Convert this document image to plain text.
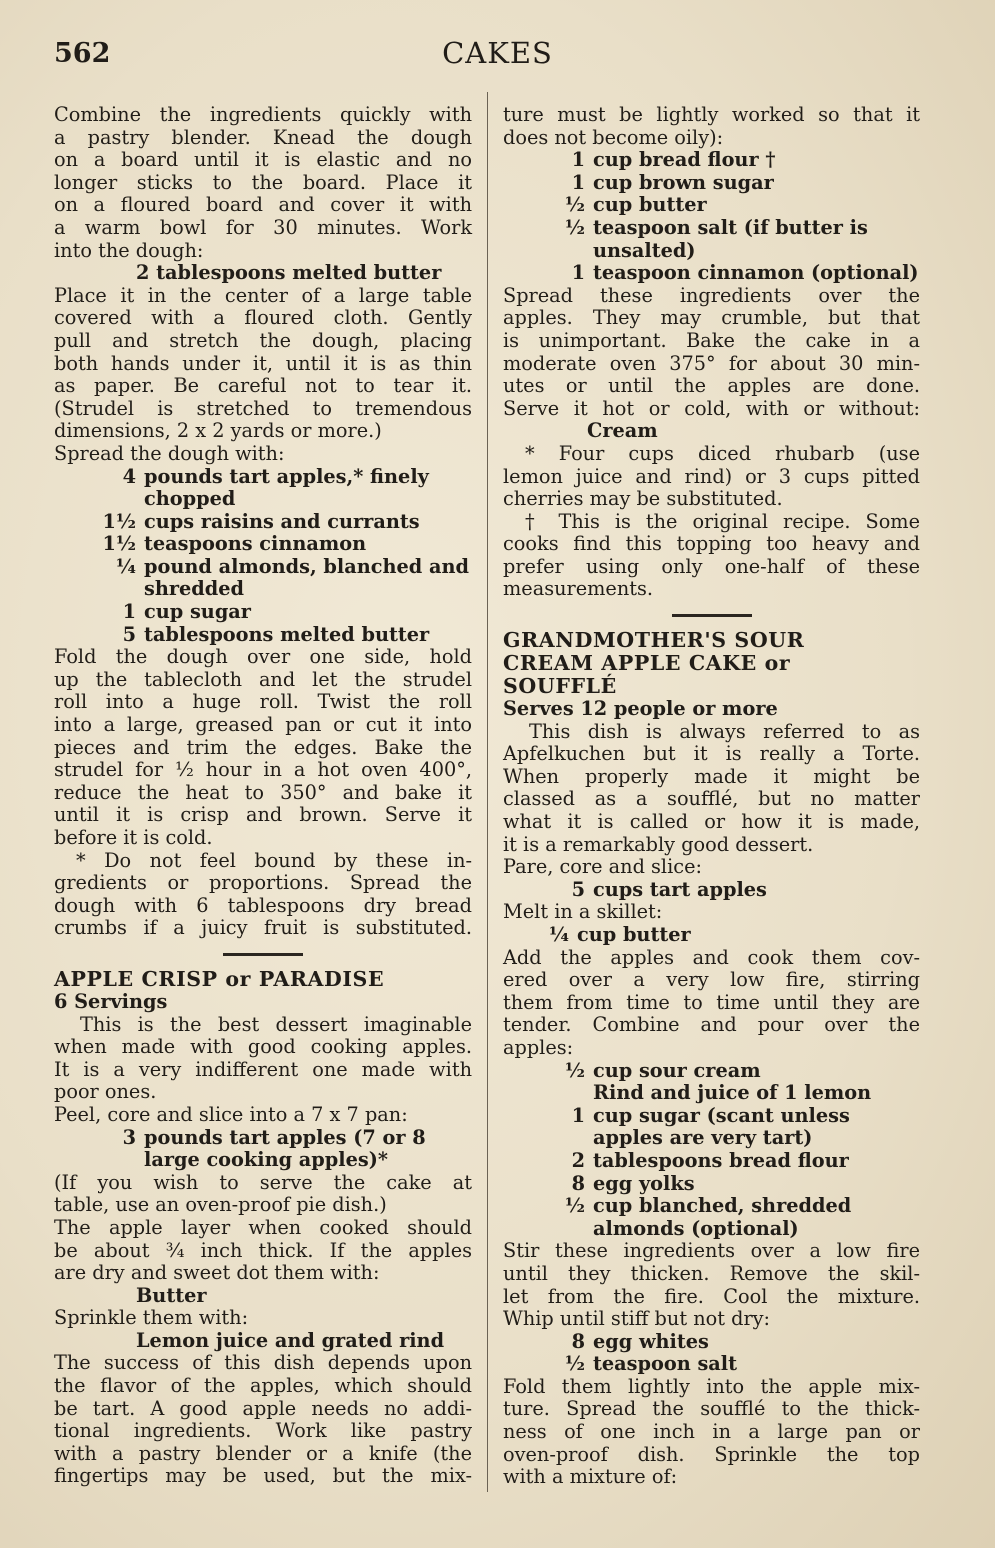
562	CAKES

Combine the ingredients quickly with

a pastry blender. Knead the dough

on a board until it is elastic and no

longer sticks to the board. Place it

on a floured board and cover it with

a warm bowl for 30 minutes. Work

into the dough:

2 tablespoons melted butter

Place it in the center of a large table

covered with a floured cloth. Gently

pull and stretch the dough, placing

both hands under it, until it is as thin

as paper. Be careful not to tear it.

(Strudel is stretched to tremendous

dimensions, 2 x 2 yards or more.)

Spread the dough with:

4 pounds tart apples,* finely chopped
1½ cups raisins and currants
1½ teaspoons cinnamon
¼ pound almonds, blanched and shredded
1 cup sugar
5 tablespoons melted butter

Fold the dough over one side, hold

up the tablecloth and let the strudel

roll into a huge roll. Twist the roll

into a large, greased pan or cut it into

pieces and trim the edges. Bake the

strudel for ½ hour in a hot oven 400°,

reduce the heat to 350° and bake it

until it is crisp and brown. Serve it

before it is cold.

* Do not feel bound by these in-

gredients or proportions. Spread the

dough with 6 tablespoons dry bread

crumbs if a juicy fruit is substituted.

APPLE CRISP or PARADISE

6 Servings

This is the best dessert imaginable

when made with good cooking apples.

It is a very indifferent one made with

poor ones.

Peel, core and slice into a 7 x 7 pan:

3 pounds tart apples (7 or 8 large cooking apples)*

(If you wish to serve the cake at

table, use an oven-proof pie dish.)

The apple layer when cooked should

be about ¾ inch thick. If the apples

are dry and sweet dot them with:

Butter

Sprinkle them with:

Lemon juice and grated rind

The success of this dish depends upon

the flavor of the apples, which should

be tart. A good apple needs no addi-

tional ingredients. Work like pastry

with a pastry blender or a knife (the

fingertips may be used, but the mix-

ture must be lightly worked so that it

does not become oily):

1 cup bread flour †
1 cup brown sugar
½ cup butter
½ teaspoon salt (if butter is unsalted)
1 teaspoon cinnamon (optional)

Spread these ingredients over the

apples. They may crumble, but that

is unimportant. Bake the cake in a

moderate oven 375° for about 30 min-

utes or until the apples are done.

Serve it hot or cold, with or without:

Cream

* Four cups diced rhubarb (use

lemon juice and rind) or 3 cups pitted

cherries may be substituted.

† This is the original recipe. Some

cooks find this topping too heavy and

prefer using only one-half of these

measurements.

GRANDMOTHER'S SOUR

CREAM APPLE CAKE or

SOUFFLÉ

Serves 12 people or more

This dish is always referred to as

Apfelkuchen but it is really a Torte.

When properly made it might be

classed as a soufflé, but no matter

what it is called or how it is made,

it is a remarkably good dessert.

Pare, core and slice:

5 cups tart apples

Melt in a skillet:

¼ cup butter

Add the apples and cook them cov-

ered over a very low fire, stirring

them from time to time until they are

tender. Combine and pour over the

apples:

½ cup sour cream
Rind and juice of 1 lemon
1 cup sugar (scant unless apples are very tart)
2 tablespoons bread flour
8 egg yolks
½ cup blanched, shredded almonds (optional)

Stir these ingredients over a low fire

until they thicken. Remove the skil-

let from the fire. Cool the mixture.

Whip until stiff but not dry:

8 egg whites
½ teaspoon salt

Fold them lightly into the apple mix-

ture. Spread the soufflé to the thick-

ness of one inch in a large pan or

oven-proof dish. Sprinkle the top

with a mixture of:
